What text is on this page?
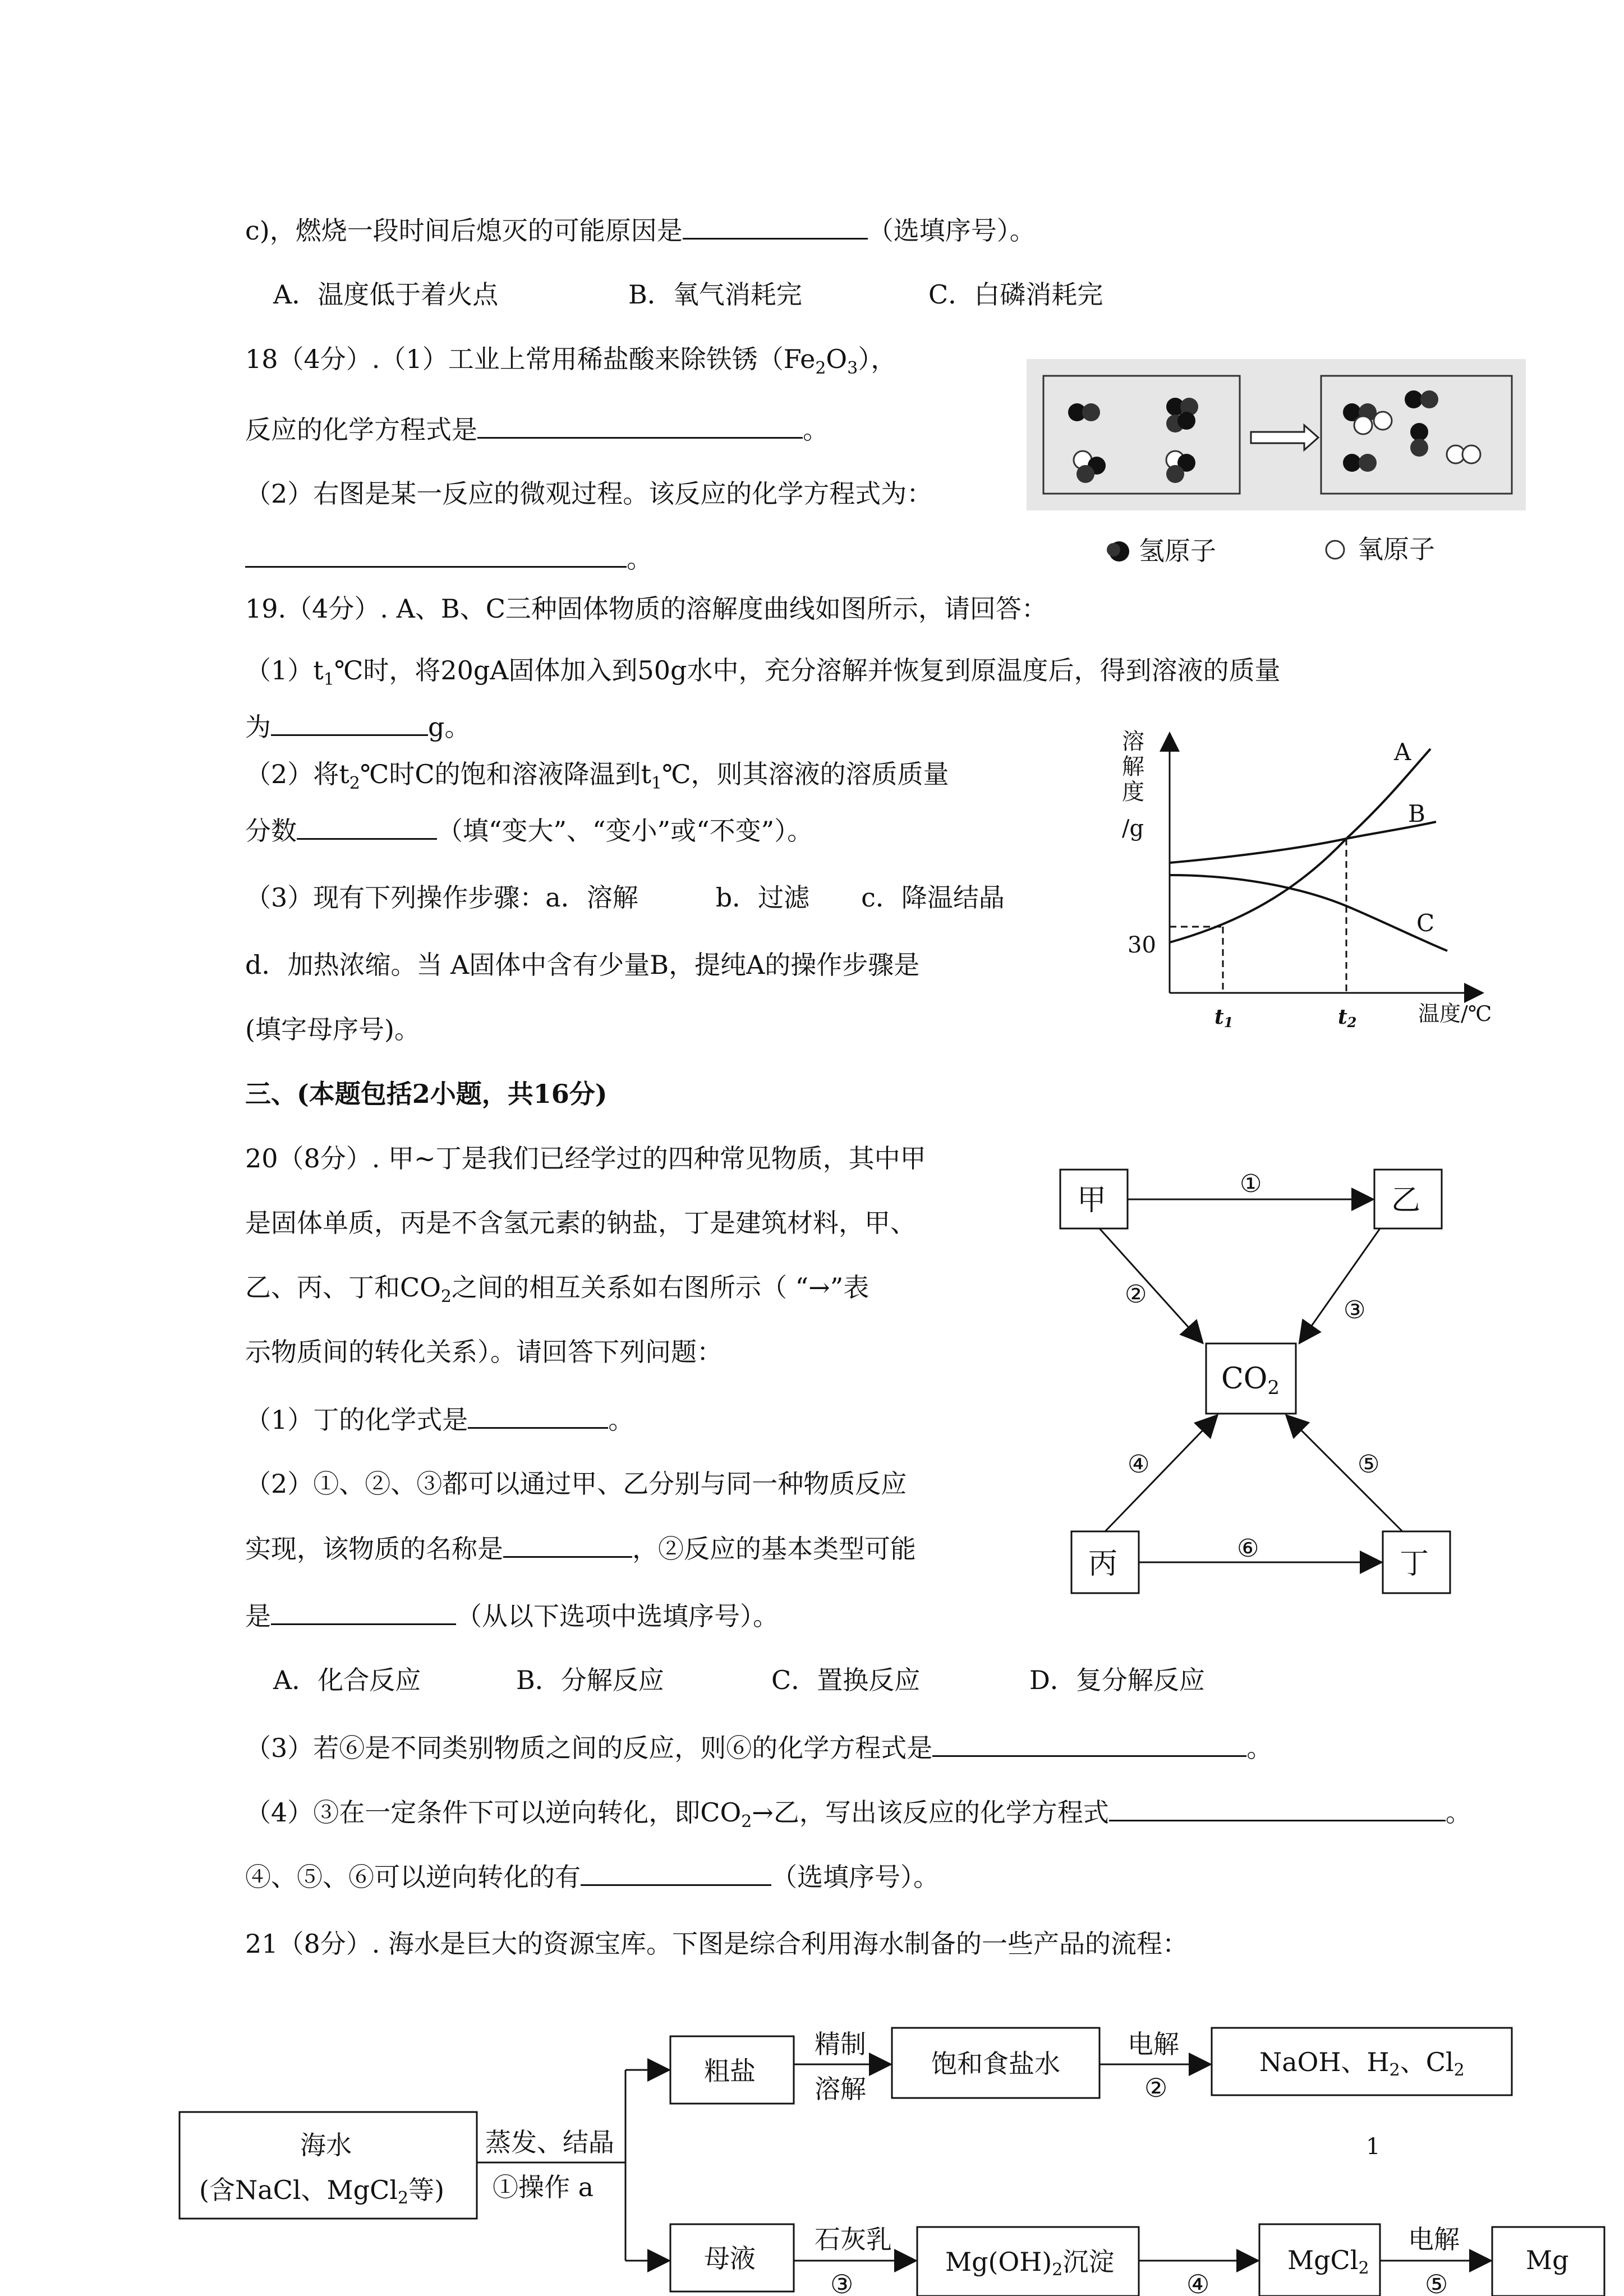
c)，燃烧一段时间后熄灭的可能原因是	（选填序号）。
A．温度低于着火点	B．氧气消耗完	C．白磷消耗完
18（4分）.（1）工业上常用稀盐酸来除铁锈$(Fe_2O_3)$，
反应的化学方程式是	。
（2）右图是某一反应的微观过程。该反应的化学方程式为：
。	氢原子	氧原子
19.（4分）. A、B、C三种固体物质的溶解度曲线如图所示，请回答：
$(1)t_1℃$时，将20gA固体加入到50g水中，充分溶解并恢复到原温度后，得到溶液的质量
为	g。
（2）将$t_2℃$时C的饱和溶液降温到$t_1℃$，则其溶液的溶质质量
分数	（填“变大”、“变小”或“不变”）。
（3）现有下列操作步骤：a．溶解　　　b．过滤　　c．降温结晶
d．加热浓缩。当 A固体中含有少量B，提纯A的操作步骤是
(填字母序号)。
溶
解
度
/g
30
温度/℃
t1	t2
A
B
C
三、(本题包括2小题，共16分)
20（8分）. 甲~丁是我们已经学过的四种常见物质，其中甲
是固体单质，丙是不含氢元素的钠盐，丁是建筑材料，甲、
乙、丙、丁和$CO_2$之间的相互关系如右图所示（ “→”表
示物质间的转化关系）。请回答下列问题：
（1）丁的化学式是	。
（2）①、②、③都可以通过甲、乙分别与同一种物质反应
实现，该物质的名称是	，②反应的基本类型可能
是	（从以下选项中选填序号）。
A．化合反应	B．分解反应	C．置换反应	D．复分解反应
（3）若⑥是不同类别物质之间的反应，则⑥的化学方程式是	。
（4）③在一定条件下可以逆向转化，即$CO_2\to$乙，写出该反应的化学方程式	。
④、⑤、⑥可以逆向转化的有	（选填序号）。
甲	乙
CO2
丙	丁
①
②
③
④	⑤
⑥
21（8分）. 海水是巨大的资源宝库。下图是综合利用海水制备的一些产品的流程：
海水
(含NaCl、MgCl2等)
蒸发、结晶
①操作 a
粗盐
精制
溶解
饱和食盐水
电解
②
NaOH、H2、Cl2
1
母液
石灰乳
③
Mg(OH)2沉淀
④
MgCl2
电解
⑤
Mg
